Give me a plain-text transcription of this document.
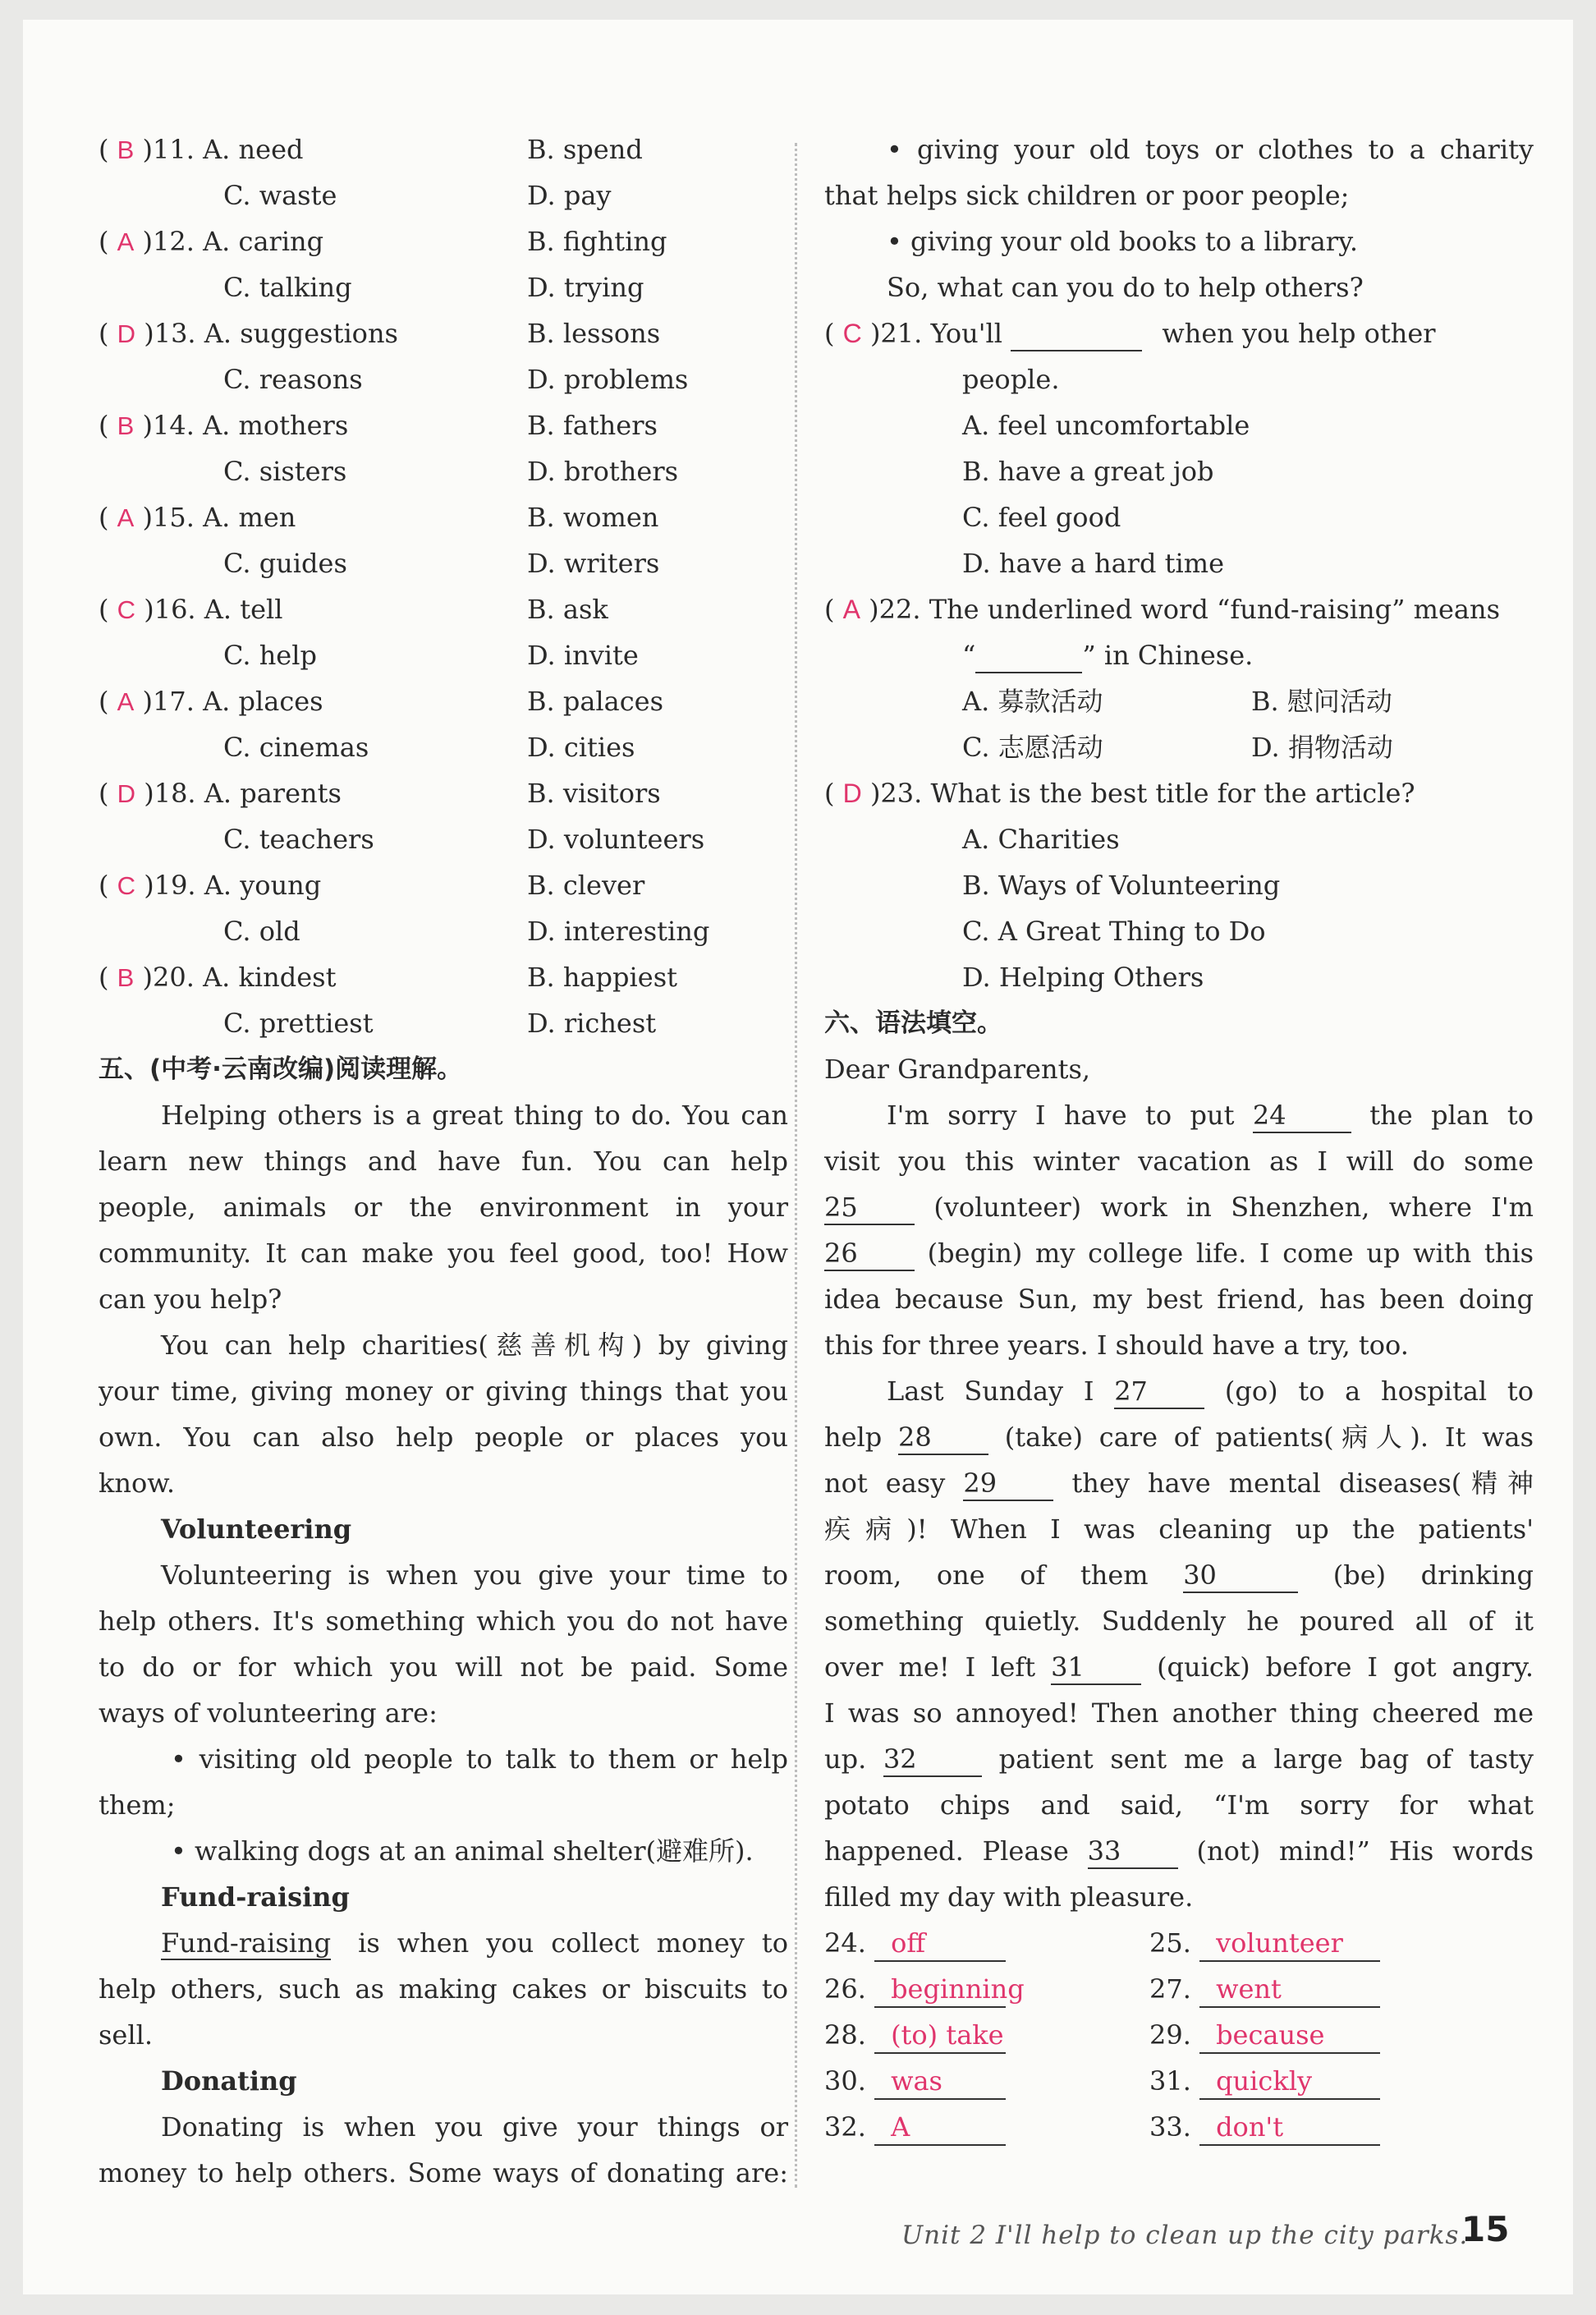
( B )11. A. need	B. spend
C. waste	D. pay
( A )12. A. caring	B. fighting
C. talking	D. trying
( D )13. A. suggestions	B. lessons
C. reasons	D. problems
( B )14. A. mothers	B. fathers
C. sisters	D. brothers
( A )15. A. men	B. women
C. guides	D. writers
( C )16. A. tell	B. ask
C. help	D. invite
( A )17. A. places	B. palaces
C. cinemas	D. cities
( D )18. A. parents	B. visitors
C. teachers	D. volunteers
( C )19. A. young	B. clever
C. old	D. interesting
( B )20. A. kindest	B. happiest
C. prettiest	D. richest
五、(中考·云南改编)阅读理解。
Helping others is a great thing to do. You can
learn new things and have fun. You can help
people, animals or the environment in your
community. It can make you feel good, too! How
can you help?
You can help charities(慈善机构) by giving
your time, giving money or giving things that you
own. You can also help people or places you
know.
Volunteering
Volunteering is when you give your time to
help others. It's something which you do not have
to do or for which you will not be paid. Some
ways of volunteering are:
• visiting old people to talk to them or help
them;
• walking dogs at an animal shelter(避难所).
Fund-raising
Fund-raising is when you collect money to
help others, such as making cakes or biscuits to
sell.
Donating
Donating is when you give your things or
money to help others. Some ways of donating are:
• giving your old toys or clothes to a charity
that helps sick children or poor people;
• giving your old books to a library.
So, what can you do to help others?
( C )21. You'll	when you help other
people.
A. feel uncomfortable
B. have a great job
C. feel good
D. have a hard time
( A )22. The underlined word “fund-raising” means
“	” in Chinese.
A. 募款活动	B. 慰问活动
C. 志愿活动	D. 捐物活动
( D )23. What is the best title for the article?
A. Charities
B. Ways of Volunteering
C. A Great Thing to Do
D. Helping Others
六、语法填空。
Dear Grandparents,
I'm sorry I have to put 24	the plan to
visit you this winter vacation as I will do some
25	(volunteer) work in Shenzhen, where I'm
26	(begin) my college life. I come up with this
idea because Sun, my best friend, has been doing
this for three years. I should have a try, too.
Last Sunday I 27	(go) to a hospital to
help 28	(take) care of patients(病人). It was
not easy 29	they have mental diseases(精神
疾病)! When I was cleaning up the patients'
room, one of them 30	(be) drinking
something quietly. Suddenly he poured all of it
over me! I left 31	(quick) before I got angry.
I was so annoyed! Then another thing cheered me
up. 32	patient sent me a large bag of tasty
potato chips and said, “I'm sorry for what
happened. Please 33	(not) mind!” His words
filled my day with pleasure.
24. off	25. volunteer
26. beginning	27. went
28. (to) take	29. because
30. was	31. quickly
32. A	33. don't
Unit 2 I'll help to clean up the city parks.
15
